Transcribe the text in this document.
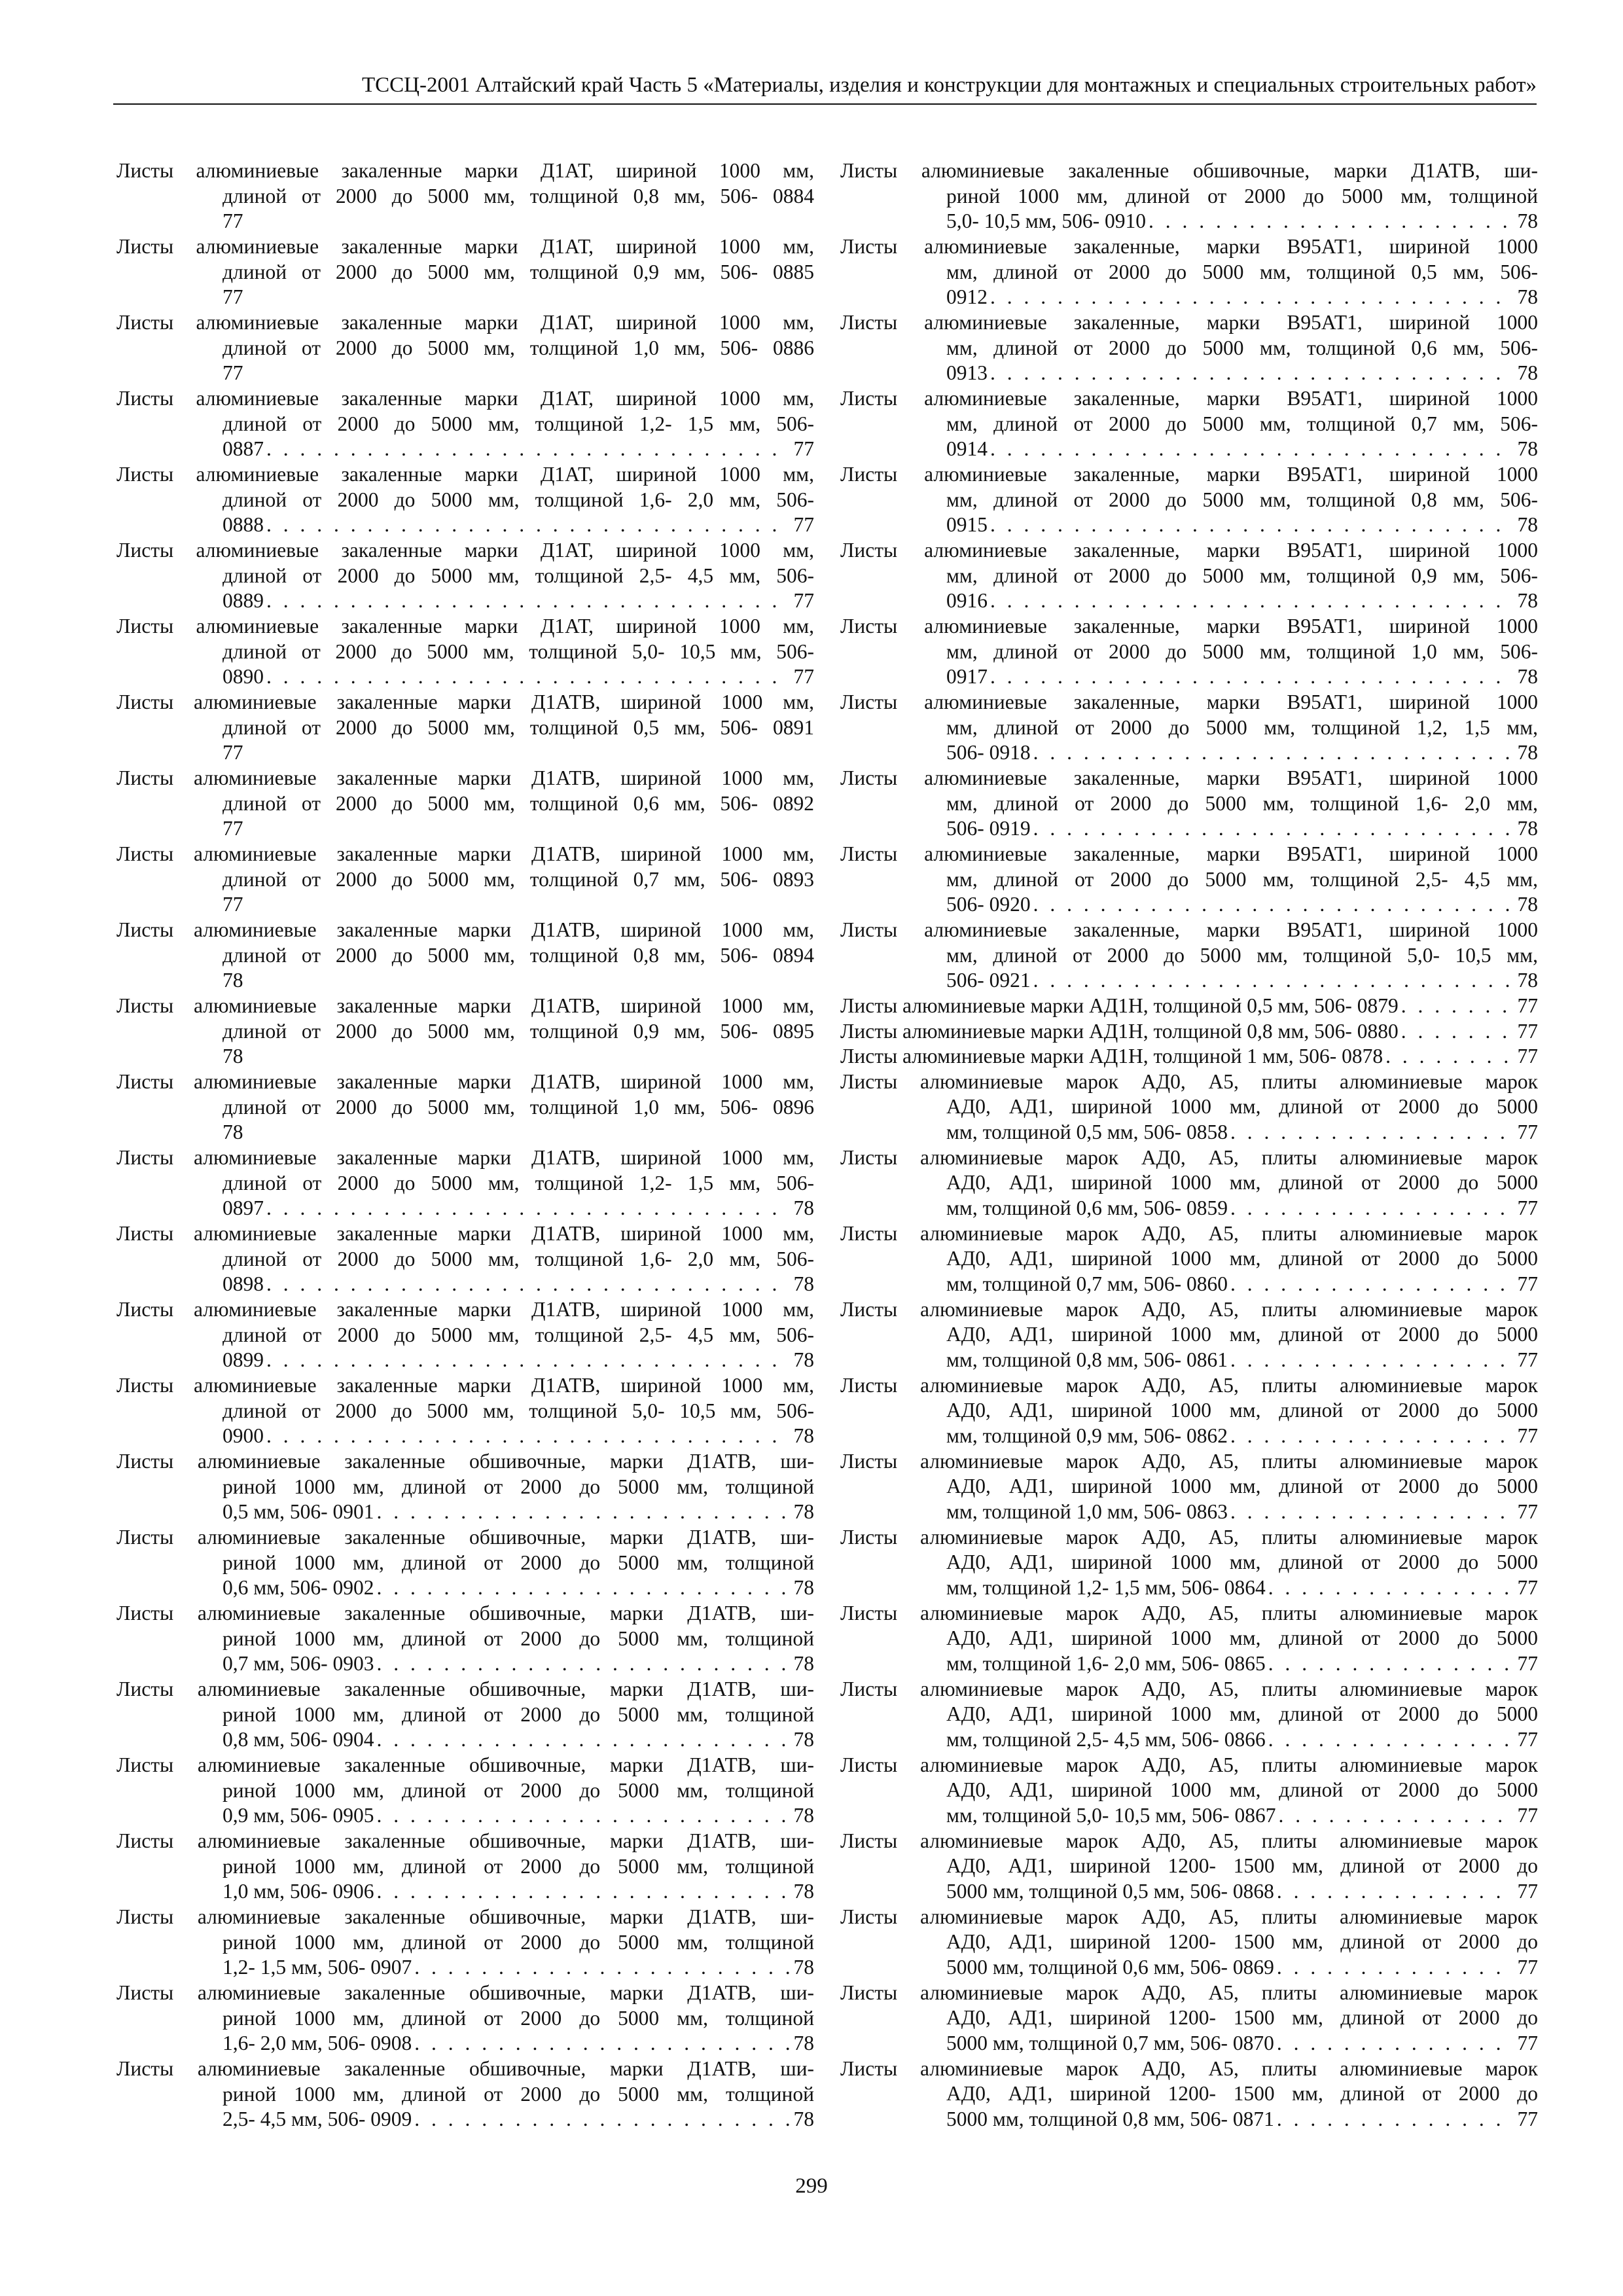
ТССЦ-2001 Алтайский край Часть 5 «Материалы, изделия и конструкции для монтажных и специальных строительных работ»
Листы алюминиевые закаленные марки Д1АТ, шириной 1000 мм,
длиной от 2000 до 5000 мм, толщиной 0,8 мм, 506- 0884
77
Листы алюминиевые закаленные марки Д1АТ, шириной 1000 мм,
длиной от 2000 до 5000 мм, толщиной 0,9 мм, 506- 0885
77
Листы алюминиевые закаленные марки Д1АТ, шириной 1000 мм,
длиной от 2000 до 5000 мм, толщиной 1,0 мм, 506- 0886
77
Листы алюминиевые закаленные марки Д1АТ, шириной 1000 мм,
длиной от 2000 до 5000 мм, толщиной 1,2- 1,5 мм, 506-
0887 . . .	77
Листы алюминиевые закаленные марки Д1АТ, шириной 1000 мм,
длиной от 2000 до 5000 мм, толщиной 1,6- 2,0 мм, 506-
0888 . . .	77
Листы алюминиевые закаленные марки Д1АТ, шириной 1000 мм,
длиной от 2000 до 5000 мм, толщиной 2,5- 4,5 мм, 506-
0889 . . .	77
Листы алюминиевые закаленные марки Д1АТ, шириной 1000 мм,
длиной от 2000 до 5000 мм, толщиной 5,0- 10,5 мм, 506-
0890 . . .	77
Листы алюминиевые закаленные марки Д1АТВ, шириной 1000 мм,
длиной от 2000 до 5000 мм, толщиной 0,5 мм, 506- 0891
77
Листы алюминиевые закаленные марки Д1АТВ, шириной 1000 мм,
длиной от 2000 до 5000 мм, толщиной 0,6 мм, 506- 0892
77
Листы алюминиевые закаленные марки Д1АТВ, шириной 1000 мм,
длиной от 2000 до 5000 мм, толщиной 0,7 мм, 506- 0893
77
Листы алюминиевые закаленные марки Д1АТВ, шириной 1000 мм,
длиной от 2000 до 5000 мм, толщиной 0,8 мм, 506- 0894
78
Листы алюминиевые закаленные марки Д1АТВ, шириной 1000 мм,
длиной от 2000 до 5000 мм, толщиной 0,9 мм, 506- 0895
78
Листы алюминиевые закаленные марки Д1АТВ, шириной 1000 мм,
длиной от 2000 до 5000 мм, толщиной 1,0 мм, 506- 0896
78
Листы алюминиевые закаленные марки Д1АТВ, шириной 1000 мм,
длиной от 2000 до 5000 мм, толщиной 1,2- 1,5 мм, 506-
0897 . . .	78
Листы алюминиевые закаленные марки Д1АТВ, шириной 1000 мм,
длиной от 2000 до 5000 мм, толщиной 1,6- 2,0 мм, 506-
0898 . . .	78
Листы алюминиевые закаленные марки Д1АТВ, шириной 1000 мм,
длиной от 2000 до 5000 мм, толщиной 2,5- 4,5 мм, 506-
0899 . . .	78
Листы алюминиевые закаленные марки Д1АТВ, шириной 1000 мм,
длиной от 2000 до 5000 мм, толщиной 5,0- 10,5 мм, 506-
0900 . . .	78
Листы алюминиевые закаленные обшивочные, марки Д1АТВ, ши-
риной 1000 мм, длиной от 2000 до 5000 мм, толщиной
0,5 мм, 506- 0901 . . .	78
Листы алюминиевые закаленные обшивочные, марки Д1АТВ, ши-
риной 1000 мм, длиной от 2000 до 5000 мм, толщиной
0,6 мм, 506- 0902 . . .	78
Листы алюминиевые закаленные обшивочные, марки Д1АТВ, ши-
риной 1000 мм, длиной от 2000 до 5000 мм, толщиной
0,7 мм, 506- 0903 . . .	78
Листы алюминиевые закаленные обшивочные, марки Д1АТВ, ши-
риной 1000 мм, длиной от 2000 до 5000 мм, толщиной
0,8 мм, 506- 0904 . . .	78
Листы алюминиевые закаленные обшивочные, марки Д1АТВ, ши-
риной 1000 мм, длиной от 2000 до 5000 мм, толщиной
0,9 мм, 506- 0905 . . .	78
Листы алюминиевые закаленные обшивочные, марки Д1АТВ, ши-
риной 1000 мм, длиной от 2000 до 5000 мм, толщиной
1,0 мм, 506- 0906 . . .	78
Листы алюминиевые закаленные обшивочные, марки Д1АТВ, ши-
риной 1000 мм, длиной от 2000 до 5000 мм, толщиной
1,2- 1,5 мм, 506- 0907 . . .	78
Листы алюминиевые закаленные обшивочные, марки Д1АТВ, ши-
риной 1000 мм, длиной от 2000 до 5000 мм, толщиной
1,6- 2,0 мм, 506- 0908 . . .	78
Листы алюминиевые закаленные обшивочные, марки Д1АТВ, ши-
риной 1000 мм, длиной от 2000 до 5000 мм, толщиной
2,5- 4,5 мм, 506- 0909 . . .	78
Листы алюминиевые закаленные обшивочные, марки Д1АТВ, ши-
риной 1000 мм, длиной от 2000 до 5000 мм, толщиной
5,0- 10,5 мм, 506- 0910 . . .	78
Листы алюминиевые закаленные, марки В95АТ1, шириной 1000
мм, длиной от 2000 до 5000 мм, толщиной 0,5 мм, 506-
0912 . . .	78
Листы алюминиевые закаленные, марки В95АТ1, шириной 1000
мм, длиной от 2000 до 5000 мм, толщиной 0,6 мм, 506-
0913 . . .	78
Листы алюминиевые закаленные, марки В95АТ1, шириной 1000
мм, длиной от 2000 до 5000 мм, толщиной 0,7 мм, 506-
0914 . . .	78
Листы алюминиевые закаленные, марки В95АТ1, шириной 1000
мм, длиной от 2000 до 5000 мм, толщиной 0,8 мм, 506-
0915 . . .	78
Листы алюминиевые закаленные, марки В95АТ1, шириной 1000
мм, длиной от 2000 до 5000 мм, толщиной 0,9 мм, 506-
0916 . . .	78
Листы алюминиевые закаленные, марки В95АТ1, шириной 1000
мм, длиной от 2000 до 5000 мм, толщиной 1,0 мм, 506-
0917 . . .	78
Листы алюминиевые закаленные, марки В95АТ1, шириной 1000
мм, длиной от 2000 до 5000 мм, толщиной 1,2, 1,5 мм,
506- 0918 . . .	78
Листы алюминиевые закаленные, марки В95АТ1, шириной 1000
мм, длиной от 2000 до 5000 мм, толщиной 1,6- 2,0 мм,
506- 0919 . . .	78
Листы алюминиевые закаленные, марки В95АТ1, шириной 1000
мм, длиной от 2000 до 5000 мм, толщиной 2,5- 4,5 мм,
506- 0920 . . .	78
Листы алюминиевые закаленные, марки В95АТ1, шириной 1000
мм, длиной от 2000 до 5000 мм, толщиной 5,0- 10,5 мм,
506- 0921 . . .	78
Листы алюминиевые марки АД1Н, толщиной 0,5 мм, 506- 0879 . . .	77
Листы алюминиевые марки АД1Н, толщиной 0,8 мм, 506- 0880 . . .	77
Листы алюминиевые марки АД1Н, толщиной 1 мм, 506- 0878 . . .	77
Листы алюминиевые марок АД0, А5, плиты алюминиевые марок
АД0, АД1, шириной 1000 мм, длиной от 2000 до 5000
мм, толщиной 0,5 мм, 506- 0858 . . .	77
Листы алюминиевые марок АД0, А5, плиты алюминиевые марок
АД0, АД1, шириной 1000 мм, длиной от 2000 до 5000
мм, толщиной 0,6 мм, 506- 0859 . . .	77
Листы алюминиевые марок АД0, А5, плиты алюминиевые марок
АД0, АД1, шириной 1000 мм, длиной от 2000 до 5000
мм, толщиной 0,7 мм, 506- 0860 . . .	77
Листы алюминиевые марок АД0, А5, плиты алюминиевые марок
АД0, АД1, шириной 1000 мм, длиной от 2000 до 5000
мм, толщиной 0,8 мм, 506- 0861 . . .	77
Листы алюминиевые марок АД0, А5, плиты алюминиевые марок
АД0, АД1, шириной 1000 мм, длиной от 2000 до 5000
мм, толщиной 0,9 мм, 506- 0862 . . .	77
Листы алюминиевые марок АД0, А5, плиты алюминиевые марок
АД0, АД1, шириной 1000 мм, длиной от 2000 до 5000
мм, толщиной 1,0 мм, 506- 0863 . . .	77
Листы алюминиевые марок АД0, А5, плиты алюминиевые марок
АД0, АД1, шириной 1000 мм, длиной от 2000 до 5000
мм, толщиной 1,2- 1,5 мм, 506- 0864 . . .	77
Листы алюминиевые марок АД0, А5, плиты алюминиевые марок
АД0, АД1, шириной 1000 мм, длиной от 2000 до 5000
мм, толщиной 1,6- 2,0 мм, 506- 0865 . . .	77
Листы алюминиевые марок АД0, А5, плиты алюминиевые марок
АД0, АД1, шириной 1000 мм, длиной от 2000 до 5000
мм, толщиной 2,5- 4,5 мм, 506- 0866 . . .	77
Листы алюминиевые марок АД0, А5, плиты алюминиевые марок
АД0, АД1, шириной 1000 мм, длиной от 2000 до 5000
мм, толщиной 5,0- 10,5 мм, 506- 0867 . . .	77
Листы алюминиевые марок АД0, А5, плиты алюминиевые марок
АД0, АД1, шириной 1200- 1500 мм, длиной от 2000 до
5000 мм, толщиной 0,5 мм, 506- 0868 . . .	77
Листы алюминиевые марок АД0, А5, плиты алюминиевые марок
АД0, АД1, шириной 1200- 1500 мм, длиной от 2000 до
5000 мм, толщиной 0,6 мм, 506- 0869 . . .	77
Листы алюминиевые марок АД0, А5, плиты алюминиевые марок
АД0, АД1, шириной 1200- 1500 мм, длиной от 2000 до
5000 мм, толщиной 0,7 мм, 506- 0870 . . .	77
Листы алюминиевые марок АД0, А5, плиты алюминиевые марок
АД0, АД1, шириной 1200- 1500 мм, длиной от 2000 до
5000 мм, толщиной 0,8 мм, 506- 0871 . . .	77
299
